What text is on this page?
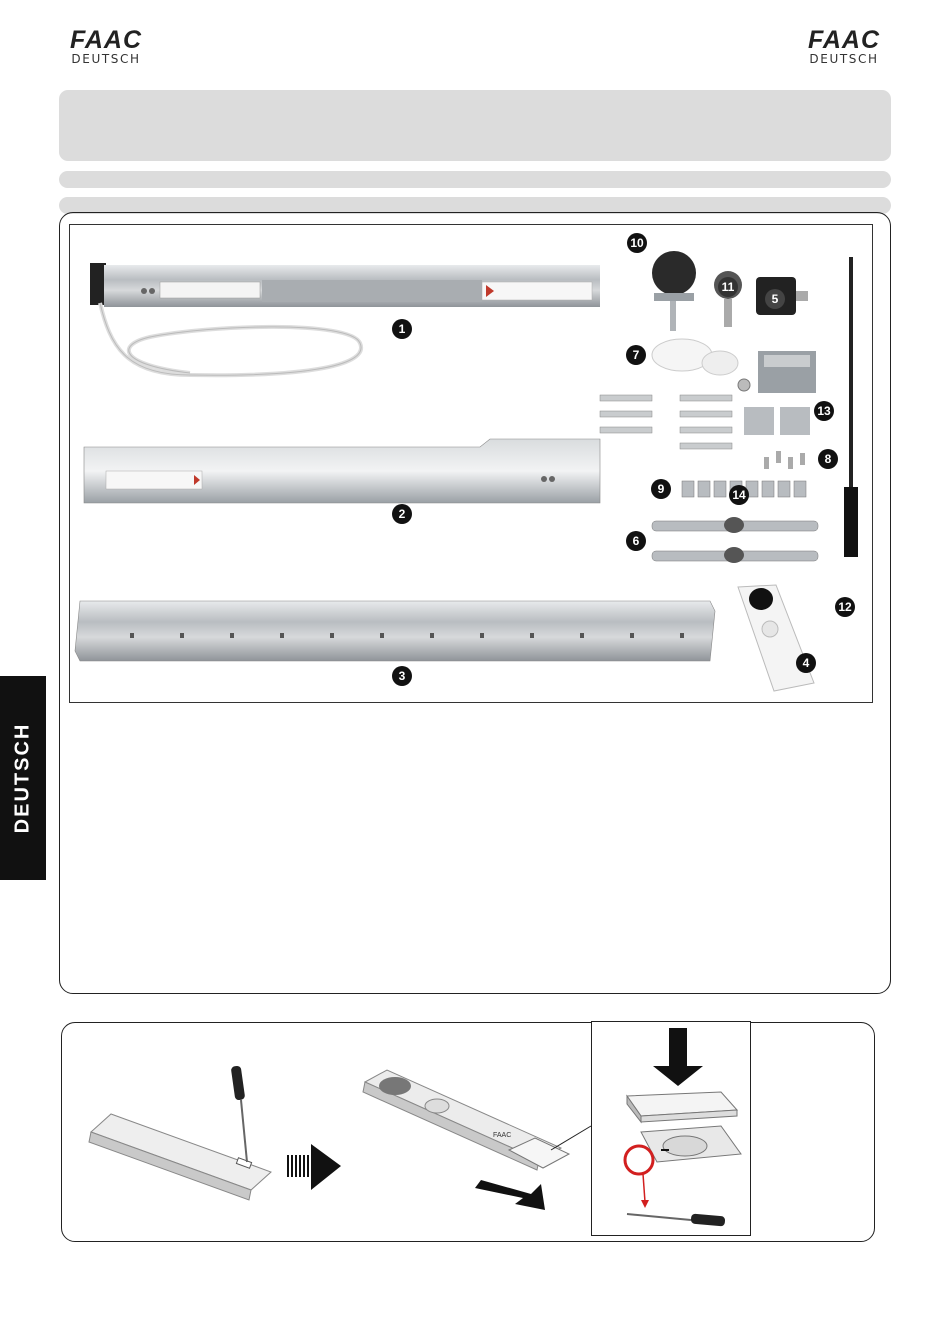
FAAC
DEUTSCH
FAAC
DEUTSCH
1
2
3
4
5
6
7
8
9
10
11
12
13
14
DEUTSCH
FAAC
